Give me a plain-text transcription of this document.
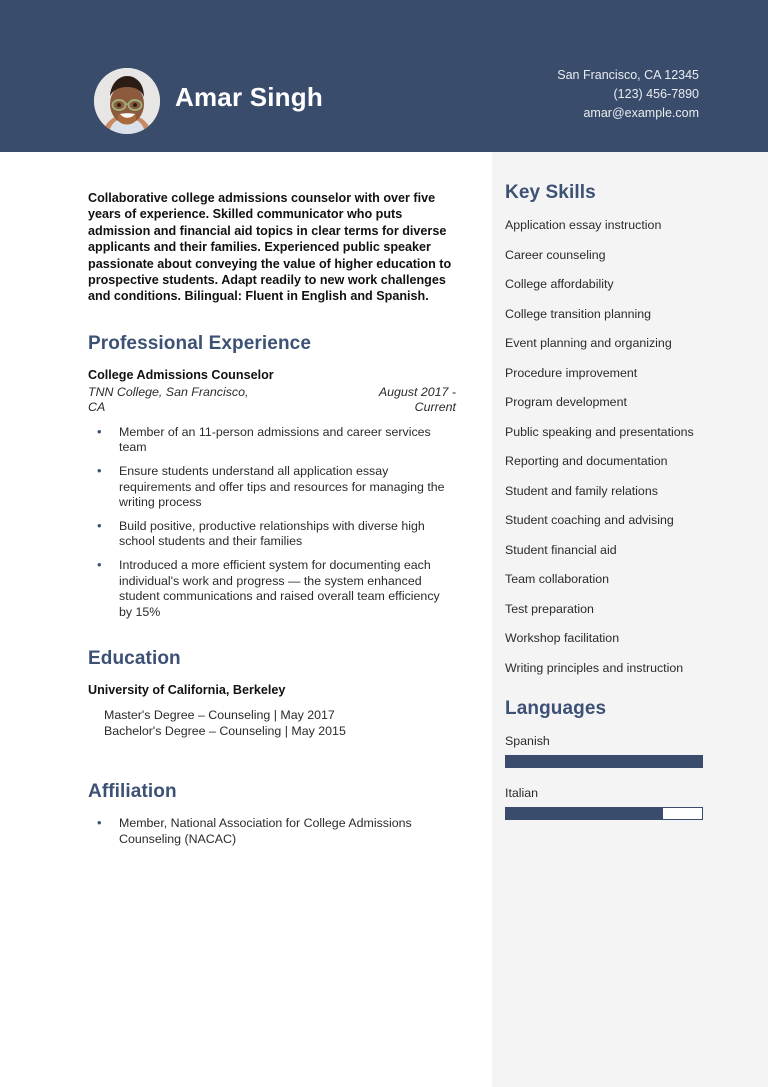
Amar Singh
San Francisco, CA 12345
(123) 456-7890
amar@example.com
Key Skills
Application essay instruction
Career counseling
College affordability
College transition planning
Event planning and organizing
Procedure improvement
Program development
Public speaking and presentations
Reporting and documentation
Student and family relations
Student coaching and advising
Student financial aid
Team collaboration
Test preparation
Workshop facilitation
Writing principles and instruction
Languages
Spanish
Italian
Collaborative college admissions counselor with over five years of experience. Skilled communicator who puts admission and financial aid topics in clear terms for diverse applicants and their families. Experienced public speaker passionate about conveying the value of higher education to prospective students. Adapt readily to new work challenges and conditions. Bilingual: Fluent in English and Spanish.
Professional Experience
College Admissions Counselor
TNN College, San Francisco, CA
August 2017 - Current
• Member of an 11-person admissions and career services team
• Ensure students understand all application essay requirements and offer tips and resources for managing the writing process
• Build positive, productive relationships with diverse high school students and their families
• Introduced a more efficient system for documenting each individual's work and progress — the system enhanced student communications and raised overall team efficiency by 15%
Education
University of California, Berkeley
Master's Degree – Counseling | May 2017
Bachelor's Degree – Counseling | May 2015
Affiliation
• Member, National Association for College Admissions Counseling (NACAC)
